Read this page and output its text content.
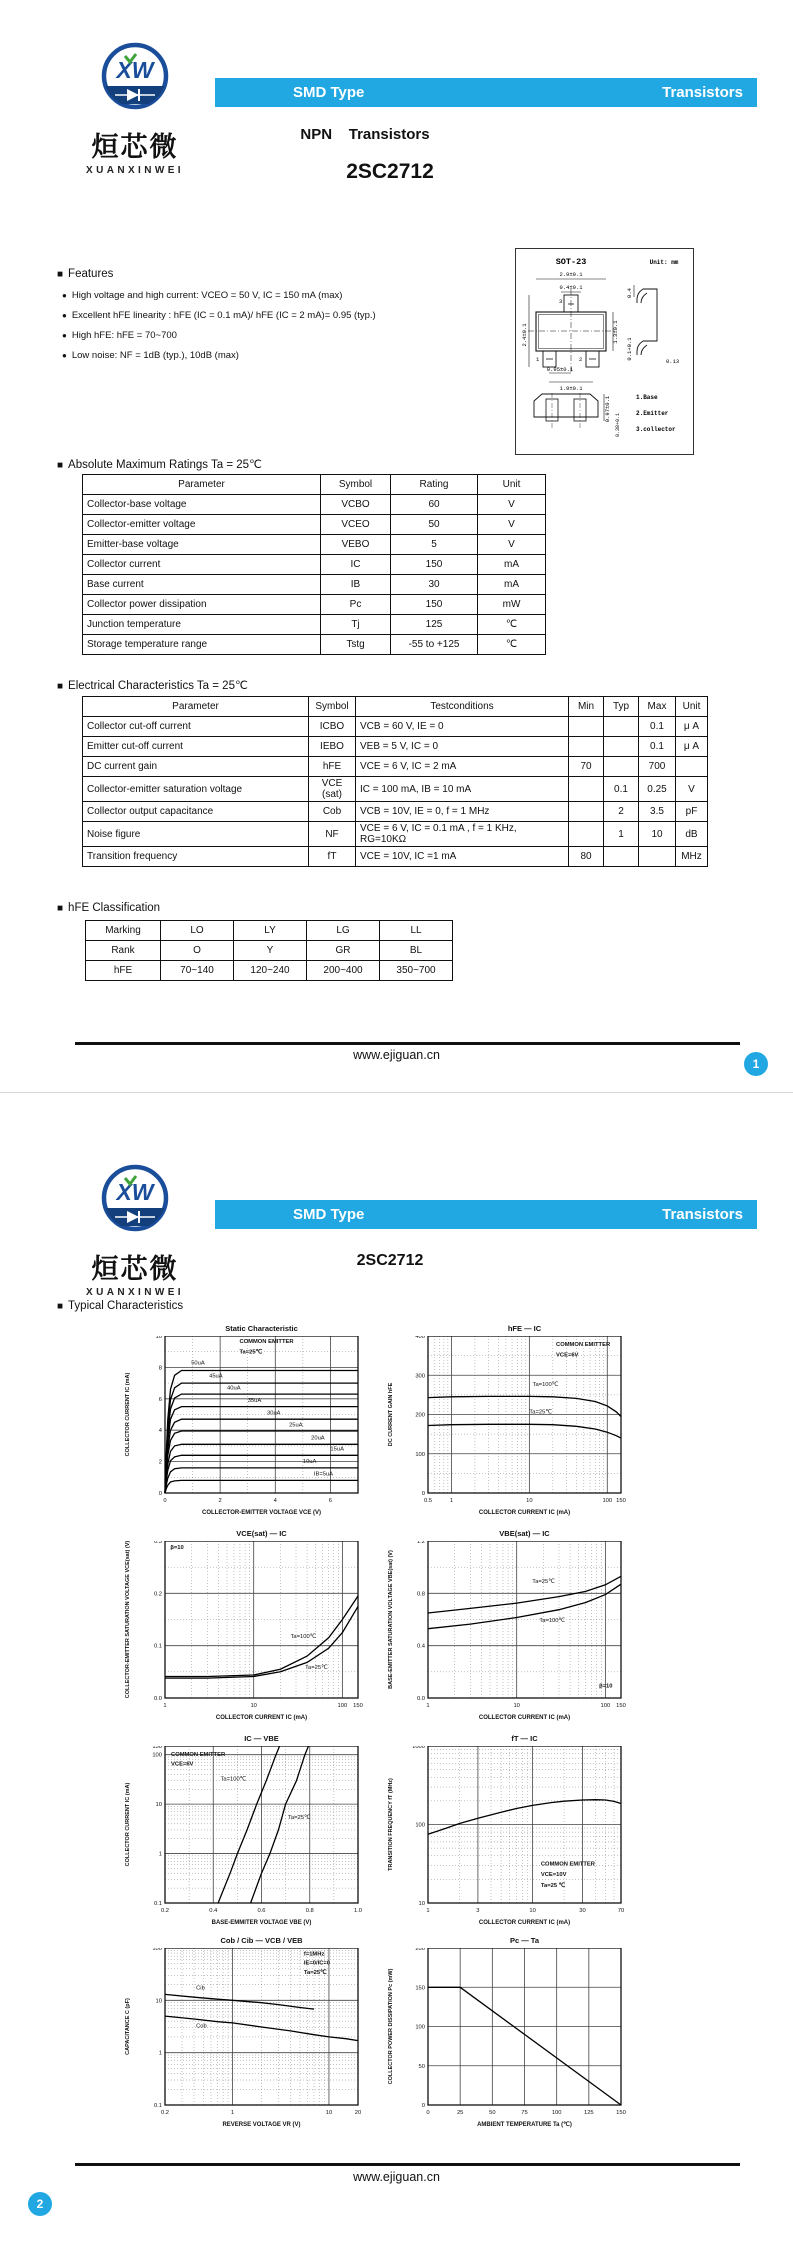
XW
烜芯微
XUANXINWEI
SMD Type	Transistors
NPN    Transistors
2SC2712
■ Features
● High voltage and high current: VCEO = 50 V, IC = 150 mA (max)
● Excellent hFE linearity : hFE (IC = 0.1 mA)/ hFE (IC = 2 mA)= 0.95 (typ.)
● High hFE: hFE = 70~700
● Low noise: NF = 1dB (typ.), 10dB (max)
SOT-23	Unit: mm
2.9±0.1
0.4±0.1
3
1	2
2.4±0.1	1.3±0.1
0.95±0.1
1.9±0.1
0.4
0.1+0.1
0.13
0.97±0.1
0.38+0.1
1.Base
2.Emitter
3.collector
■ Absolute Maximum Ratings Ta = 25℃
Parameter	Symbol	Rating	Unit
Collector-base voltage	VCBO	60	V
Collector-emitter voltage	VCEO	50	V
Emitter-base voltage	VEBO	5	V
Collector current	IC	150	mA
Base current	IB	30	mA
Collector power dissipation	Pc	150	mW
Junction temperature	Tj	125	℃
Storage temperature range	Tstg	-55 to +125	℃
■ Electrical Characteristics Ta = 25℃
Parameter	Symbol	Testconditions	Min	Typ	Max	Unit
Collector cut-off current	ICBO	VCB = 60 V, IE = 0			0.1	μ A
Emitter cut-off current	IEBO	VEB = 5 V, IC = 0			0.1	μ A
DC current gain	hFE	VCE = 6 V, IC = 2 mA	70		700	
Collector-emitter saturation voltage	VCE (sat)	IC = 100 mA, IB = 10 mA		0.1	0.25	V
Collector output capacitance	Cob	VCB = 10V, IE = 0, f = 1 MHz		2	3.5	pF
Noise figure	NF	VCE = 6 V, IC = 0.1 mA , f = 1 KHz, RG=10KΩ		1	10	dB
Transition frequency	fT	VCE = 10V, IC =1 mA	80			MHz
■ hFE Classification
Marking	LO	LY	LG	LL
Rank	O	Y	GR	BL
hFE	70~140	120~240	200~400	350~700
www.ejiguan.cn
1
XW
烜芯微
XUANXINWEI
SMD Type	Transistors
2SC2712
■ Typical Characteristics
Static Characteristic
0	2	4	6
0
2
4
6
8
10
COLLECTOR-EMITTER VOLTAGE VCE (V)
COLLECTOR CURRENT IC (mA)
50uA
45uA
40uA
35uA
30uA
25uA
20uA
15uA
10uA
IB=5uA
COMMON EMITTER
Ta=25℃
hFE — IC
0.5	1	10	100 150
0
100
200
300
400
COLLECTOR CURRENT IC (mA)
DC CURRENT GAIN hFE	Ta=100℃
Ta=25℃
COMMON EMITTER
VCE=6V
VCE(sat) — IC
1	10	100 150
0.0
0.1
0.2
0.3
COLLECTOR CURRENT IC (mA)
COLLECTOR-EMITTER SATURATION VOLTAGE VCE(sat) (V)	Ta=100℃
Ta=25℃
β=10
VBE(sat) — IC
1	10	100 150
0.0
0.4
0.8
1.2
COLLECTOR CURRENT IC (mA)
BASE-EMITTER SATURATION VOLTAGE VBE(sat) (V)	Ta=25℃
Ta=100℃
β=10
IC — VBE
0.2	0.4	0.6	0.8	1.0
0.1
1
10
100
150
BASE-EMMITER VOLTAGE VBE (V)
COLLECTOR CURRENT IC (mA)
Ta=100℃
Ta=25℃
COMMON EMITTER
VCE=6V
fT — IC
1	3	10	30	70
10
100
1000
COLLECTOR CURRENT IC (mA)
TRANSITION FREQUENCY fT (MHz)	COMMON EMITTER
VCE=10V
Ta=25 ℃
Cob / Cib — VCB / VEB
0.2	1	10	20
0.1
1
10
100
REVERSE VOLTAGE VR (V)
CAPACITANCE C (pF)
Cib
Cob
f=1MHz
IE=0/IC=0
Ta=25℃
Pc — Ta
0	25	50	75	100	125	150
0
50
100
150
200
AMBIENT TEMPERATURE Ta (℃)
COLLECTOR POWER DISSIPATION Pc (mW)
www.ejiguan.cn
2
